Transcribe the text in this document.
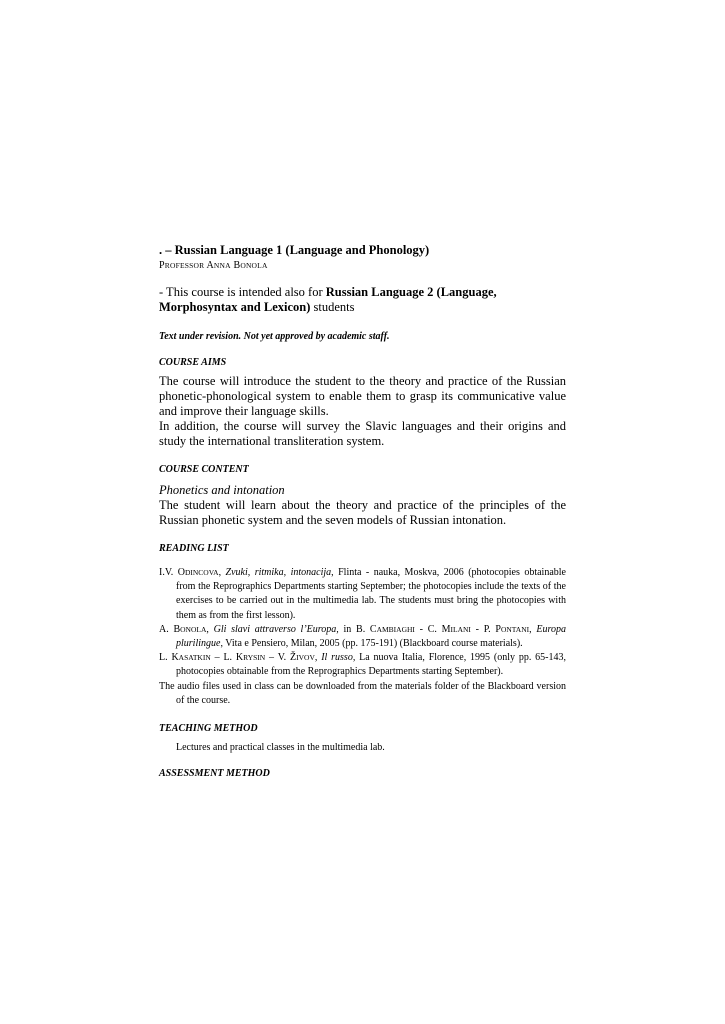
. – Russian Language 1 (Language and Phonology)

PROFESSOR ANNA BONOLA

- This course is intended also for Russian Language 2 (Language, Morphosyntax and Lexicon) students

Text under revision. Not yet approved by academic staff.

COURSE AIMS

The course will introduce the student to the theory and practice of the Russian phonetic-phonological system to enable them to grasp its communicative value and improve their language skills.

In addition, the course will survey the Slavic languages and their origins and study the international transliteration system.

COURSE CONTENT

Phonetics and intonation

The student will learn about the theory and practice of the principles of the Russian phonetic system and the seven models of Russian intonation.

READING LIST

I.V. ODINCOVA, Zvuki, ritmika, intonacija, Flinta - nauka, Moskva, 2006 (photocopies obtainable from the Reprographics Departments starting September; the photocopies include the texts of the exercises to be carried out in the multimedia lab. The students must bring the photocopies with them as from the first lesson).

A. BONOLA, Gli slavi attraverso l’Europa, in B. CAMBIAGHI - C. MILANI - P. PONTANI, Europa plurilingue, Vita e Pensiero, Milan, 2005 (pp. 175-191) (Blackboard course materials).

L. KASATKIN – L. KRYSIN – V. ŽIVOV, Il russo, La nuova Italia, Florence, 1995 (only pp. 65-143, photocopies obtainable from the Reprographics Departments starting September).

The audio files used in class can be downloaded from the materials folder of the Blackboard version of the course.

TEACHING METHOD

Lectures and practical classes in the multimedia lab.

ASSESSMENT METHOD
